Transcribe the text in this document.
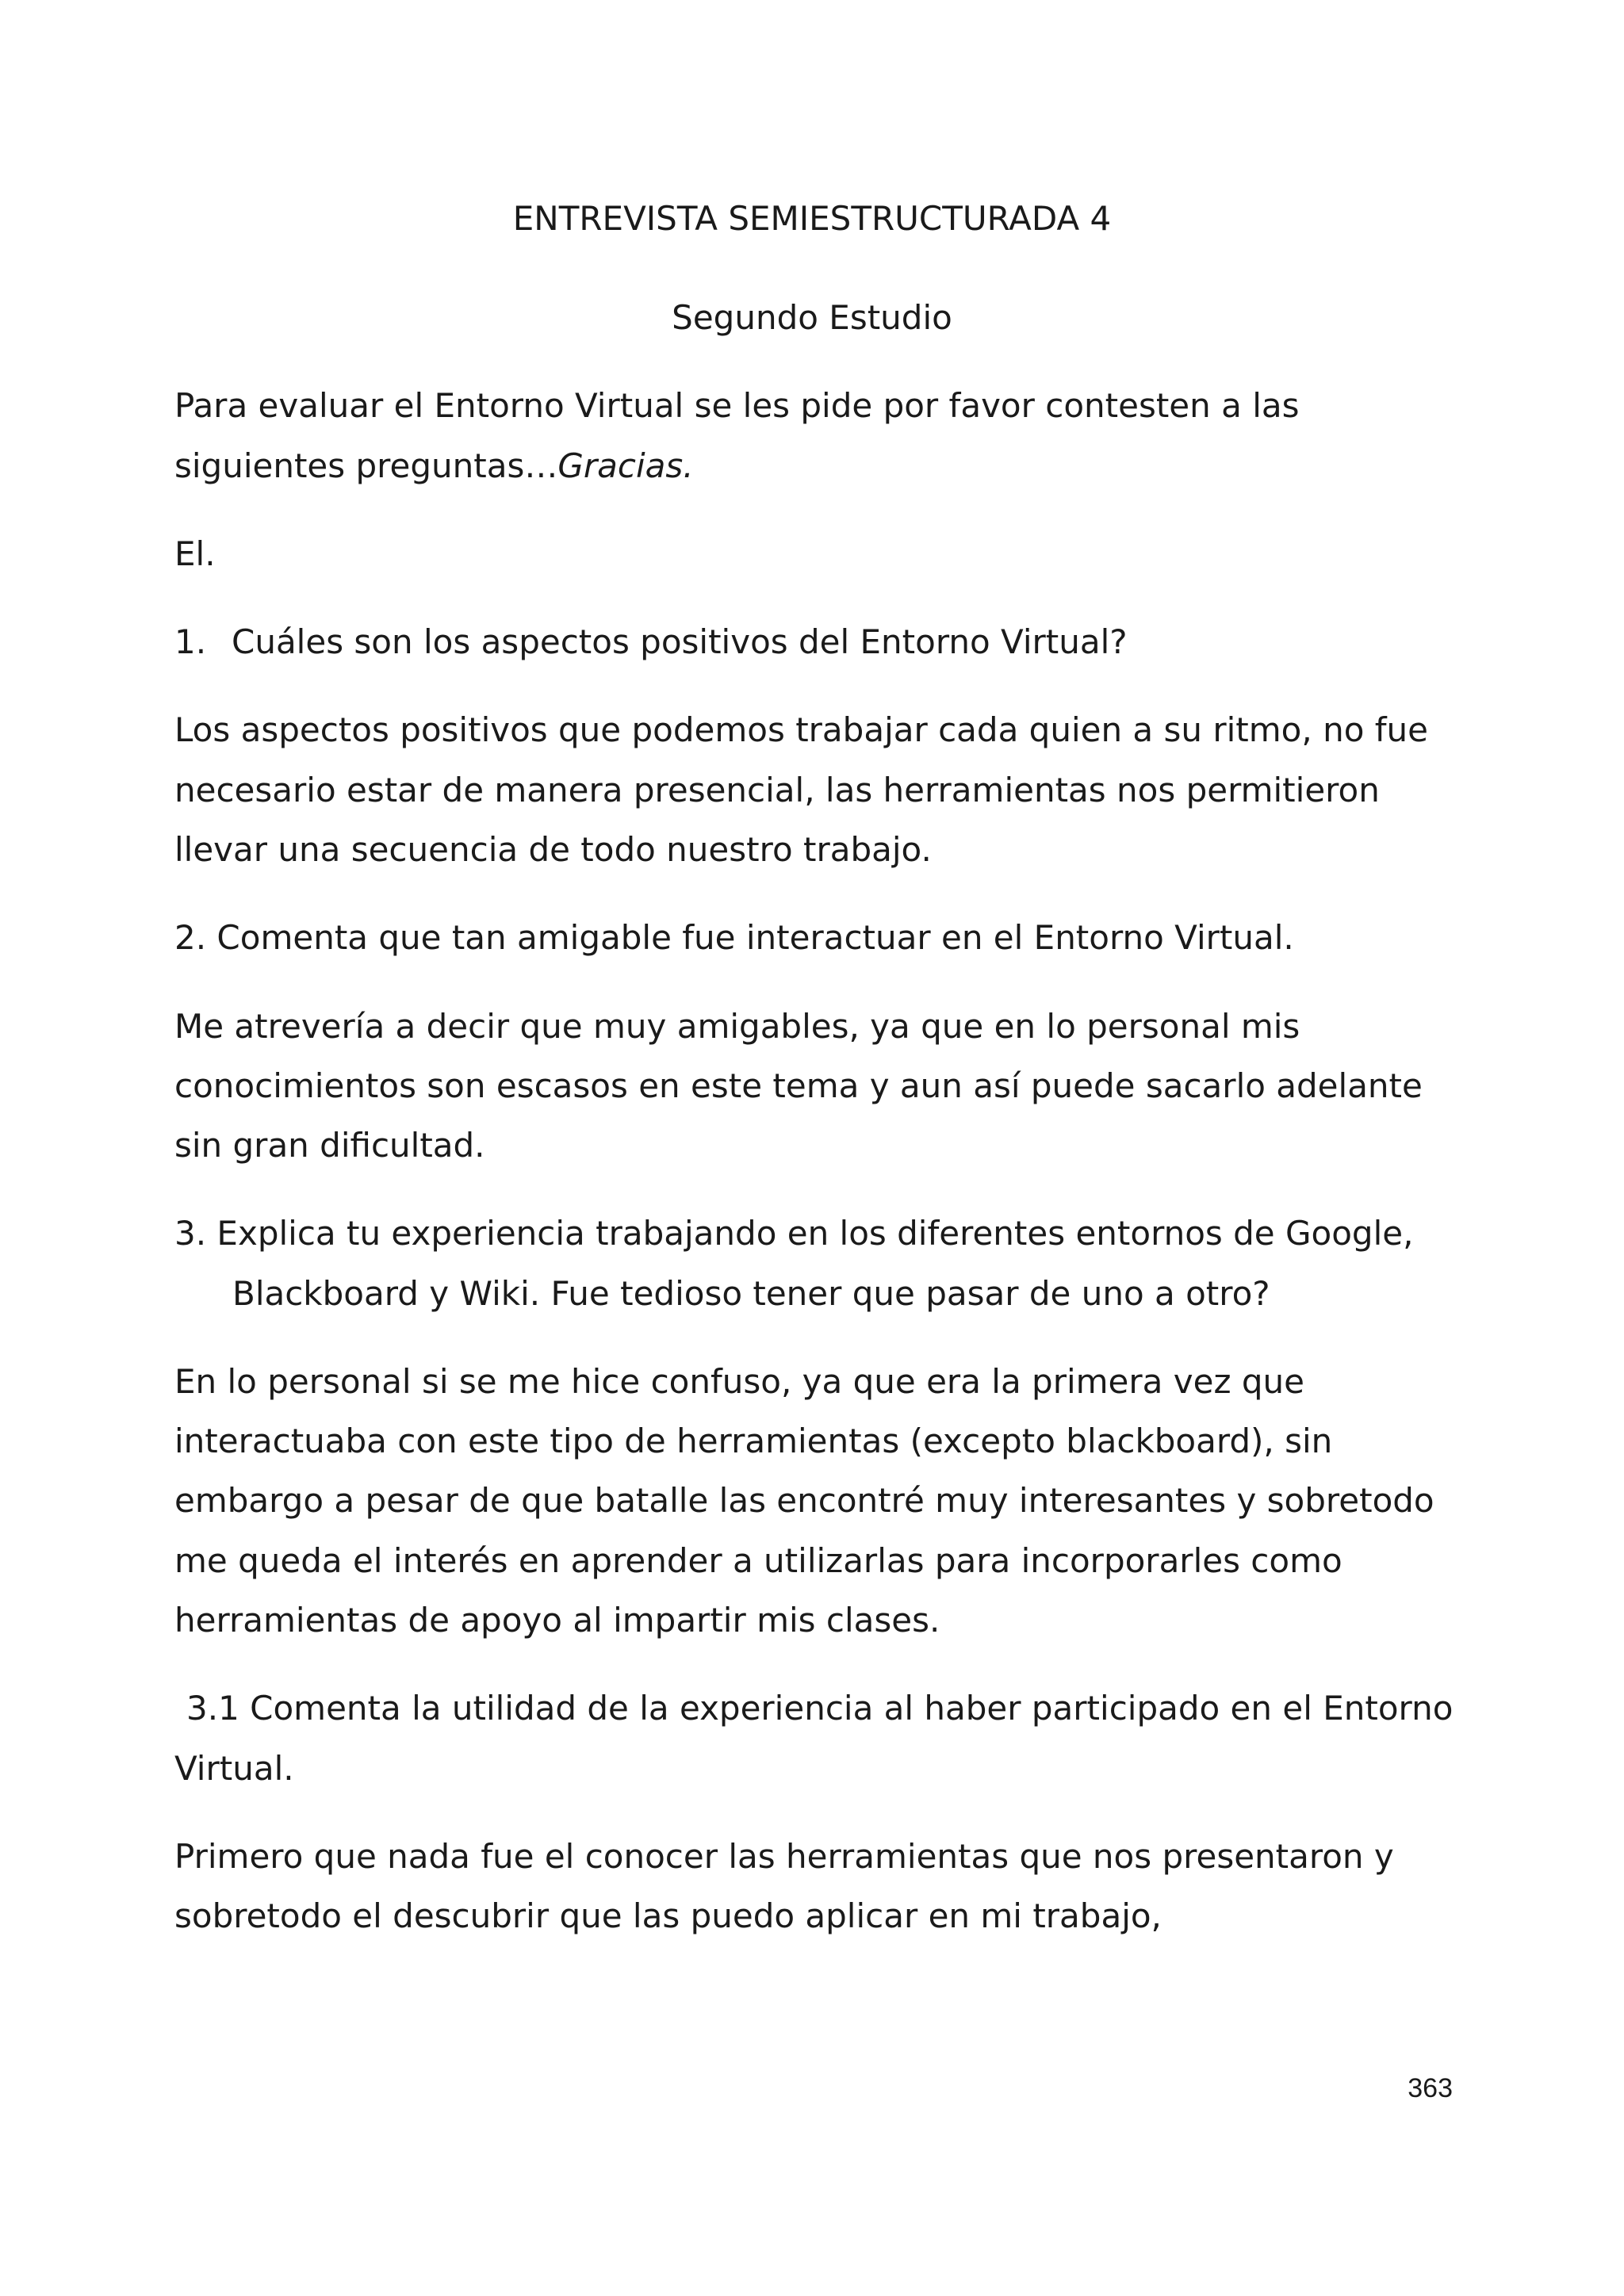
ENTREVISTA SEMIESTRUCTURADA 4

Segundo Estudio

Para evaluar el Entorno Virtual se les pide por favor contesten a las

siguientes preguntas…Gracias.

El.

1. Cuáles son los aspectos positivos del Entorno Virtual?

Los aspectos positivos que podemos trabajar cada quien a su ritmo, no fue

necesario estar de manera presencial, las herramientas nos permitieron

llevar una secuencia de todo nuestro trabajo.

2. Comenta que tan amigable fue interactuar en el Entorno Virtual.

Me atrevería a decir que muy amigables, ya que en lo personal mis

conocimientos son escasos en este tema y aun así puede sacarlo adelante

sin gran dificultad.

3. Explica tu experiencia trabajando en los diferentes entornos de Google,

Blackboard y Wiki. Fue tedioso tener que pasar de uno a otro?

En lo personal si se me hice confuso, ya que era la primera vez que

interactuaba con este tipo de herramientas (excepto blackboard), sin

embargo a pesar de que batalle las encontré muy interesantes y sobretodo

me queda el interés en aprender a utilizarlas para incorporarles como

herramientas de apoyo al impartir mis clases.

3.1 Comenta la utilidad de la experiencia al haber participado en el Entorno

Virtual.

Primero que nada fue el conocer las herramientas que nos presentaron y

sobretodo el descubrir que las puedo aplicar en mi trabajo,

363
